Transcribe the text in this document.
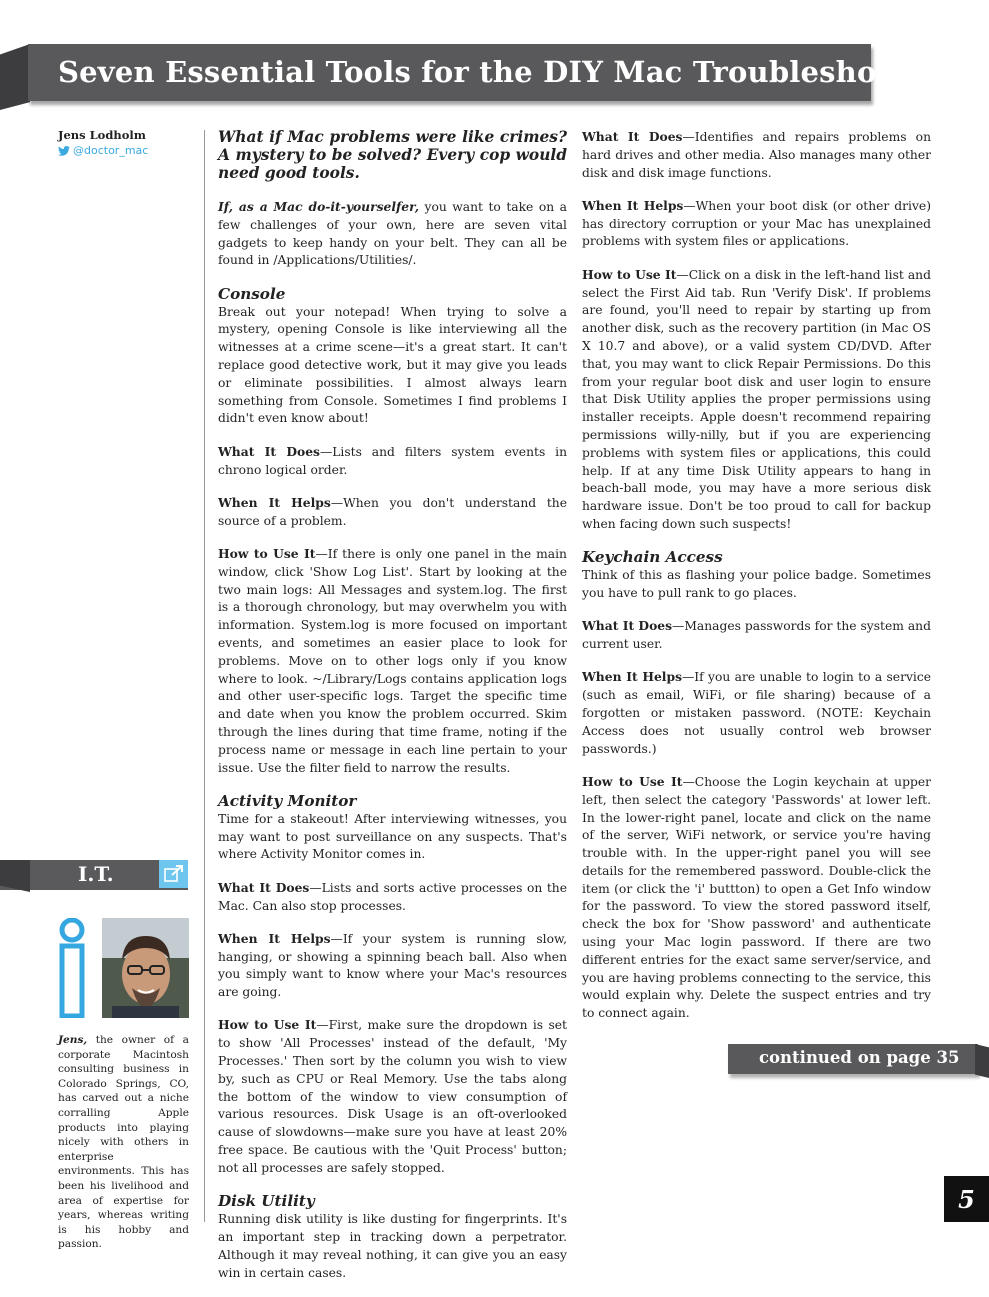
Seven Essential Tools for the DIY Mac Troubleshooter
Jens Lodholm
@doctor_mac
I.T.
Jens, the owner of a corporate Macintosh consulting business in Colorado Springs, CO, has carved out a niche corralling Apple products into playing nicely with others in enterprise environments. This has been his livelihood and area of expertise for years, whereas writing is his hobby and passion.

What if Mac problems were like crimes? A mystery to be solved? Every cop would need good tools.

If, as a Mac do-it-yourselfer, you want to take on a few challenges of your own, here are seven vital gadgets to keep handy on your belt. They can all be found in /Applications/Utilities/.

Console

Break out your notepad! When trying to solve a mystery, opening Console is like interviewing all the witnesses at a crime scene—it's a great start. It can't replace good detective work, but it may give you leads or eliminate possibilities. I almost always learn something from Console. Sometimes I find problems I didn't even know about!

What It Does—Lists and filters system events in chrono logical order.

When It Helps—When you don't understand the source of a problem.

How to Use It—If there is only one panel in the main window, click 'Show Log List'. Start by looking at the two main logs: All Messages and system.log. The first is a thorough chronology, but may overwhelm you with information. System.log is more focused on important events, and sometimes an easier place to look for problems. Move on to other logs only if you know where to look. ~/Library/Logs contains application logs and other user-specific logs. Target the specific time and date when you know the problem occurred. Skim through the lines during that time frame, noting if the process name or message in each line pertain to your issue. Use the filter field to narrow the results.

Activity Monitor

Time for a stakeout! After interviewing witnesses, you may want to post surveillance on any suspects. That's where Activity Monitor comes in.

What It Does—Lists and sorts active processes on the Mac. Can also stop processes.

When It Helps—If your system is running slow, hanging, or showing a spinning beach ball. Also when you simply want to know where your Mac's resources are going.

How to Use It—First, make sure the dropdown is set to show 'All Processes' instead of the default, 'My Processes.' Then sort by the column you wish to view by, such as CPU or Real Memory. Use the tabs along the bottom of the window to view consumption of various resources. Disk Usage is an oft-overlooked cause of slowdowns—make sure you have at least 20% free space. Be cautious with the 'Quit Process' button; not all processes are safely stopped.

Disk Utility

Running disk utility is like dusting for fingerprints. It's an important step in tracking down a perpetrator. Although it may reveal nothing, it can give you an easy win in certain cases.

What It Does—Identifies and repairs problems on hard drives and other media. Also manages many other disk and disk image functions.

When It Helps—When your boot disk (or other drive) has directory corruption or your Mac has unexplained problems with system files or applications.

How to Use It—Click on a disk in the left-hand list and select the First Aid tab. Run 'Verify Disk'. If problems are found, you'll need to repair by starting up from another disk, such as the recovery partition (in Mac OS X 10.7 and above), or a valid system CD/DVD. After that, you may want to click Repair Permissions. Do this from your regular boot disk and user login to ensure that Disk Utility applies the proper permissions using installer receipts. Apple doesn't recommend repairing permissions willy-nilly, but if you are experiencing problems with system files or applications, this could help. If at any time Disk Utility appears to hang in beach-ball mode, you may have a more serious disk hardware issue. Don't be too proud to call for backup when facing down such suspects!

Keychain Access

Think of this as flashing your police badge. Sometimes you have to pull rank to go places.

What It Does—Manages passwords for the system and current user.

When It Helps—If you are unable to login to a service (such as email, WiFi, or file sharing) because of a forgotten or mistaken password. (NOTE: Keychain Access does not usually control web browser passwords.)

How to Use It—Choose the Login keychain at upper left, then select the category 'Passwords' at lower left. In the lower-right panel, locate and click on the name of the server, WiFi network, or service you're having trouble with. In the upper-right panel you will see details for the remembered password. Double-click the item (or click the 'i' buttton) to open a Get Info window for the password. To view the stored password itself, check the box for 'Show password' and authenticate using your Mac login password. If there are two different entries for the exact same server/service, and you are having problems connecting to the service, this would explain why. Delete the suspect entries and try to connect again.

continued on page 35
5
